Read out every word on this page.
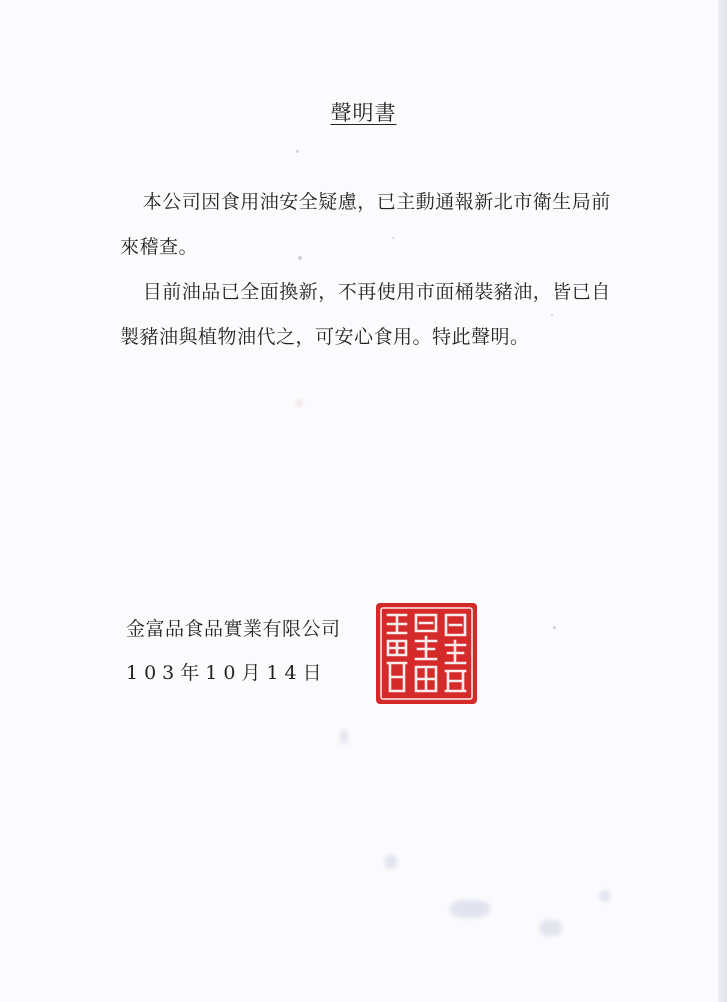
聲明書

本公司因食用油安全疑慮，已主動通報新北市衛生局前來稽查。

目前油品已全面換新，不再使用市面桶裝豬油，皆已自製豬油與植物油代之，可安心食用。特此聲明。

金富品食品實業有限公司
103年10月14日
